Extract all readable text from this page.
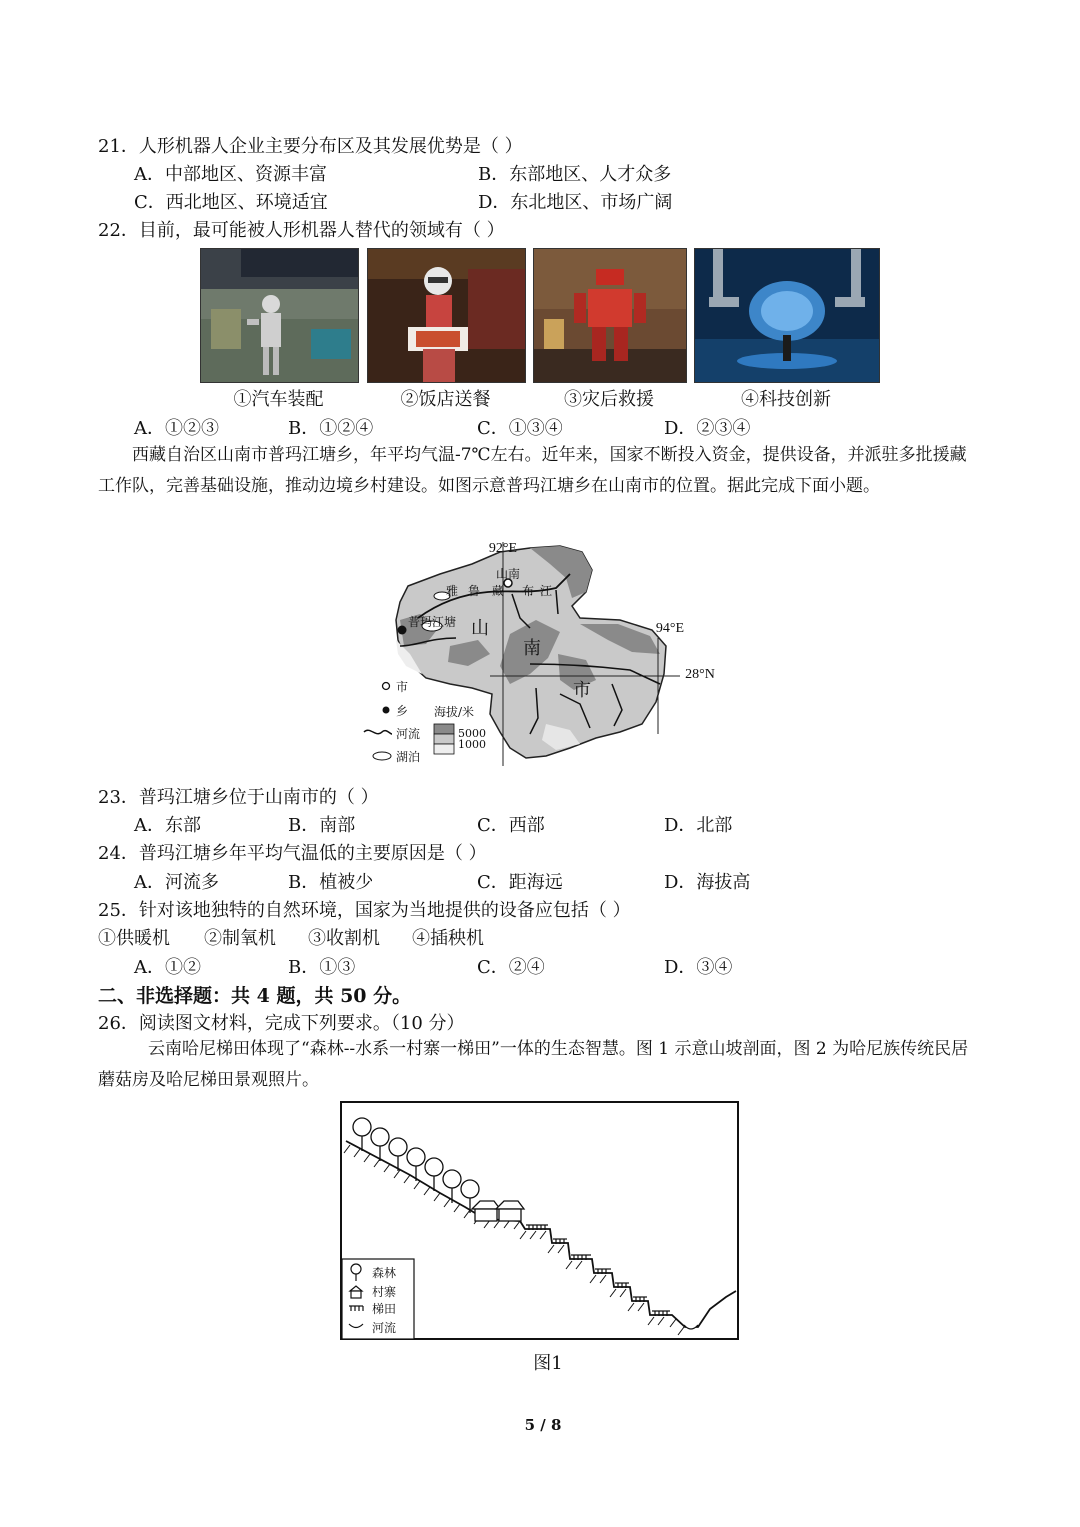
21．人形机器人企业主要分布区及其发展优势是（ ）
A．中部地区、资源丰富	B．东部地区、人才众多
C．西北地区、环境适宜	D．东北地区、市场广阔
22．目前，最可能被人形机器人替代的领域有（ ）
①汽车装配	②饭店送餐	③灾后救援	④科技创新
A．①②③	B．①②④	C．①③④	D．②③④
西藏自治区山南市普玛江塘乡，年平均气温-7℃左右。近年来，国家不断投入资金，提供设备，并派驻多批援藏工作队，完善基础设施，推动边境乡村建设。如图示意普玛江塘乡在山南市的位置。据此完成下面小题。
92°E
94°E
28°N
山南
雅 鲁 藏 布 江
普玛江塘 山
南
市
市
乡
河流
湖泊
海拔/米
5000
1000
23．普玛江塘乡位于山南市的（ ）
A．东部	B．南部	C．西部	D．北部
24．普玛江塘乡年平均气温低的主要原因是（ ）
A．河流多	B．植被少	C．距海远	D．海拔高
25．针对该地独特的自然环境，国家为当地提供的设备应包括（ ）
①供暖机 ②制氧机 ③收割机 ④插秧机
A．①②	B．①③	C．②④	D．③④
二、非选择题：共 4 题，共 50 分。
26．阅读图文材料，完成下列要求。（10 分）
云南哈尼梯田体现了“森林--水系一村寨一梯田”一体的生态智慧。图 1 示意山坡剖面，图 2 为哈尼族传统民居蘑菇房及哈尼梯田景观照片。
森林
村寨
梯田
河流
图1
5 / 8
